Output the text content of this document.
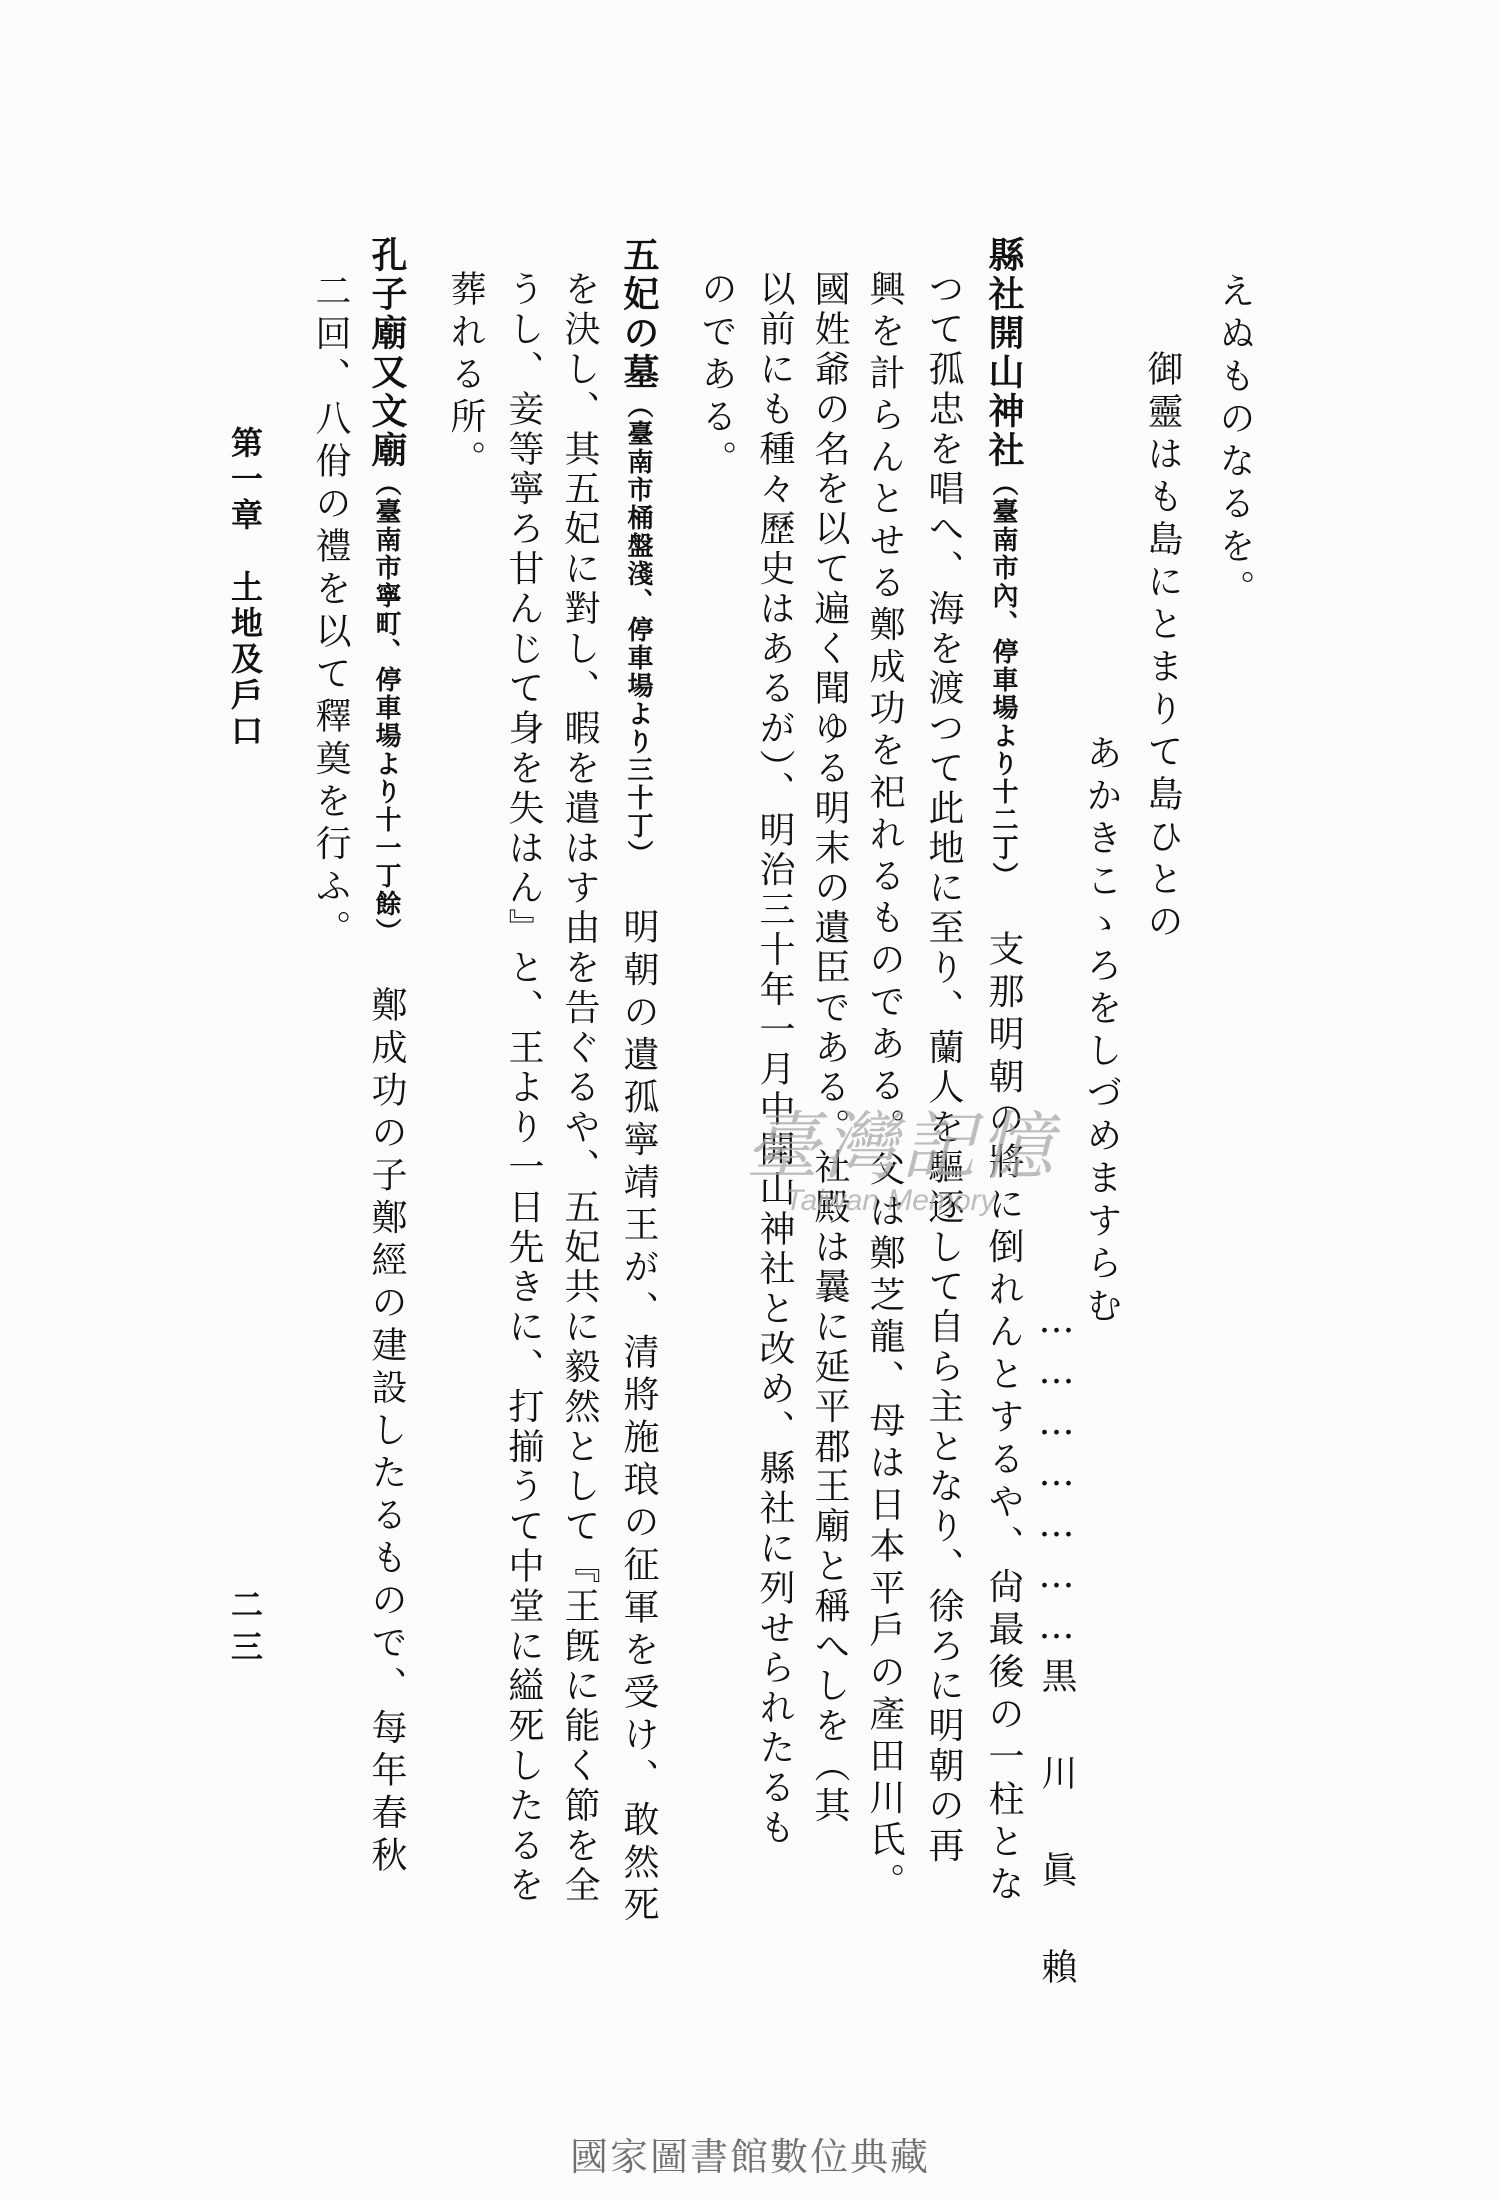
えぬものなるを。
御靈はも島にとまりて島ひとの
あかきこゝろをしづめますらむ
…………………黒 川 眞 賴
縣社開山神社（臺南市內、停車場より十二丁）支那明朝の將に倒れんとするや、尙最後の一柱とな
つて孤忠を唱へ、海を渡つて此地に至り、蘭人を驅逐して自ら主となり、徐ろに明朝の再
興を計らんとせる鄭成功を祀れるものである。父は鄭芝龍、母は日本平戶の產田川氏。
國姓爺の名を以て遍く聞ゆる明末の遺臣である。社殿は曩に延平郡王廟と稱へしを（其
以前にも種々歷史はあるが）、明治三十年一月中開山神社と改め、縣社に列せられたるも
のである。
五妃の墓（臺南市桶盤淺、停車場より三十丁）明朝の遺孤寧靖王が、清將施琅の征軍を受け、敢然死
を決し、其五妃に對し、暇を遣はす由を告ぐるや、五妃共に毅然として『王旣に能く節を全
うし、妾等寧ろ甘んじて身を失はん』と、王より一日先きに、打揃うて中堂に縊死したるを
葬れる所。
孔子廟又文廟（臺南市寧町、停車場より十一丁餘）鄭成功の子鄭經の建設したるもので、每年春秋
二回、八佾の禮を以て釋奠を行ふ。
第一章　土地及戶口
二三
臺灣記憶
Taiwan Memory
國家圖書館數位典藏
